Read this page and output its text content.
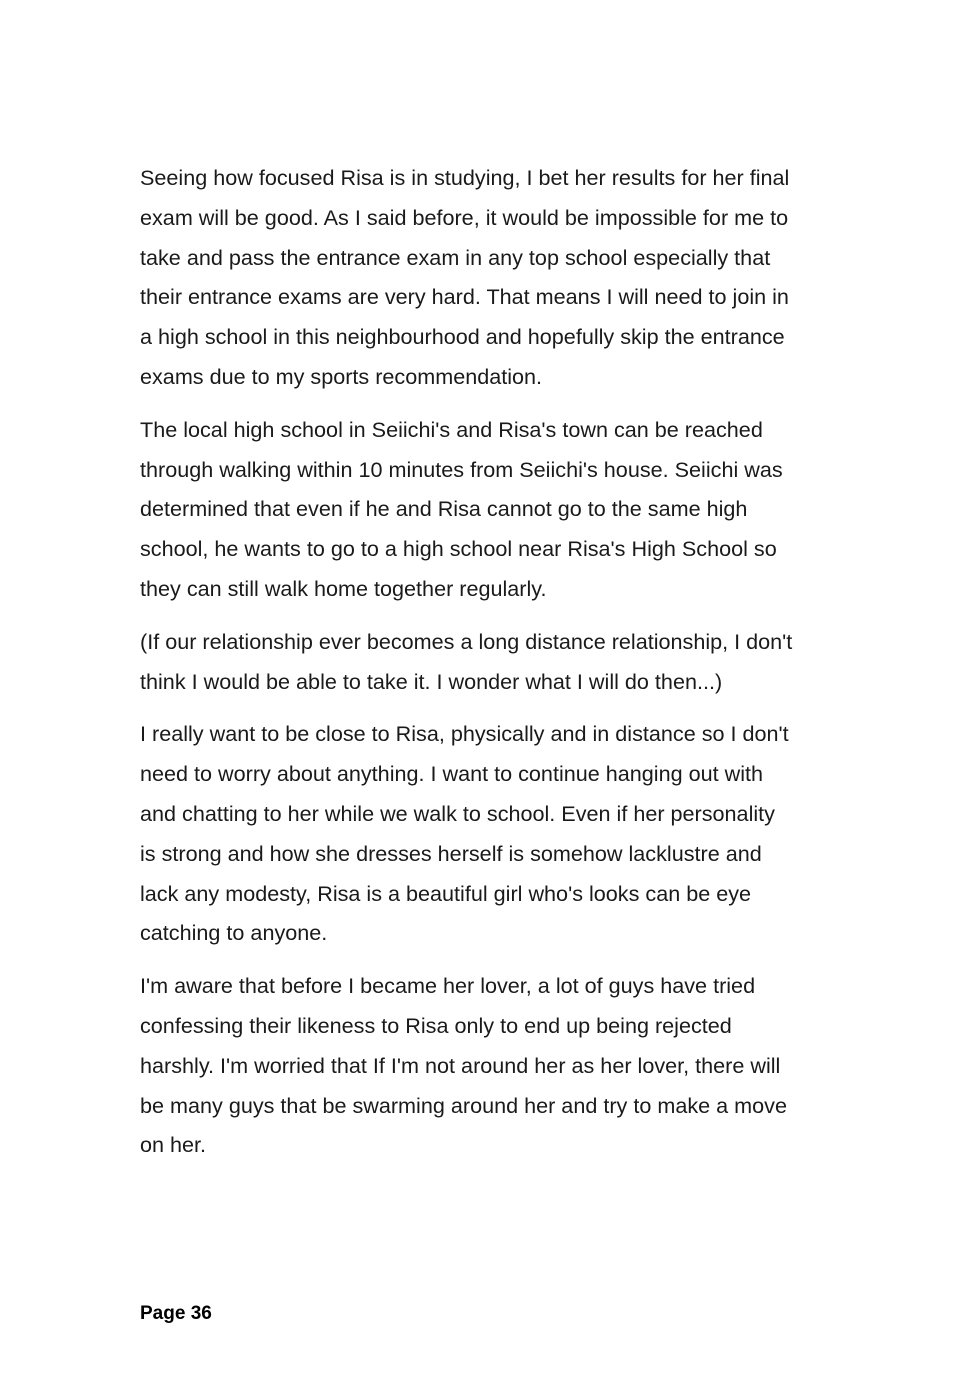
Seeing how focused Risa is in studying, I bet her results for her final
exam will be good. As I said before, it would be impossible for me to
take and pass the entrance exam in any top school especially that
their entrance exams are very hard. That means I will need to join in
a high school in this neighbourhood and hopefully skip the entrance
exams due to my sports recommendation.

The local high school in Seiichi's and Risa's town can be reached
through walking within 10 minutes from Seiichi's house. Seiichi was
determined that even if he and Risa cannot go to the same high
school, he wants to go to a high school near Risa's High School so
they can still walk home together regularly.

(If our relationship ever becomes a long distance relationship, I don't
think I would be able to take it. I wonder what I will do then...)

I really want to be close to Risa, physically and in distance so I don't
need to worry about anything. I want to continue hanging out with
and chatting to her while we walk to school. Even if her personality
is strong and how she dresses herself is somehow lacklustre and
lack any modesty, Risa is a beautiful girl who's looks can be eye
catching to anyone.

I'm aware that before I became her lover, a lot of guys have tried
confessing their likeness to Risa only to end up being rejected
harshly. I'm worried that If I'm not around her as her lover, there will
be many guys that be swarming around her and try to make a move
on her.

Page 36
